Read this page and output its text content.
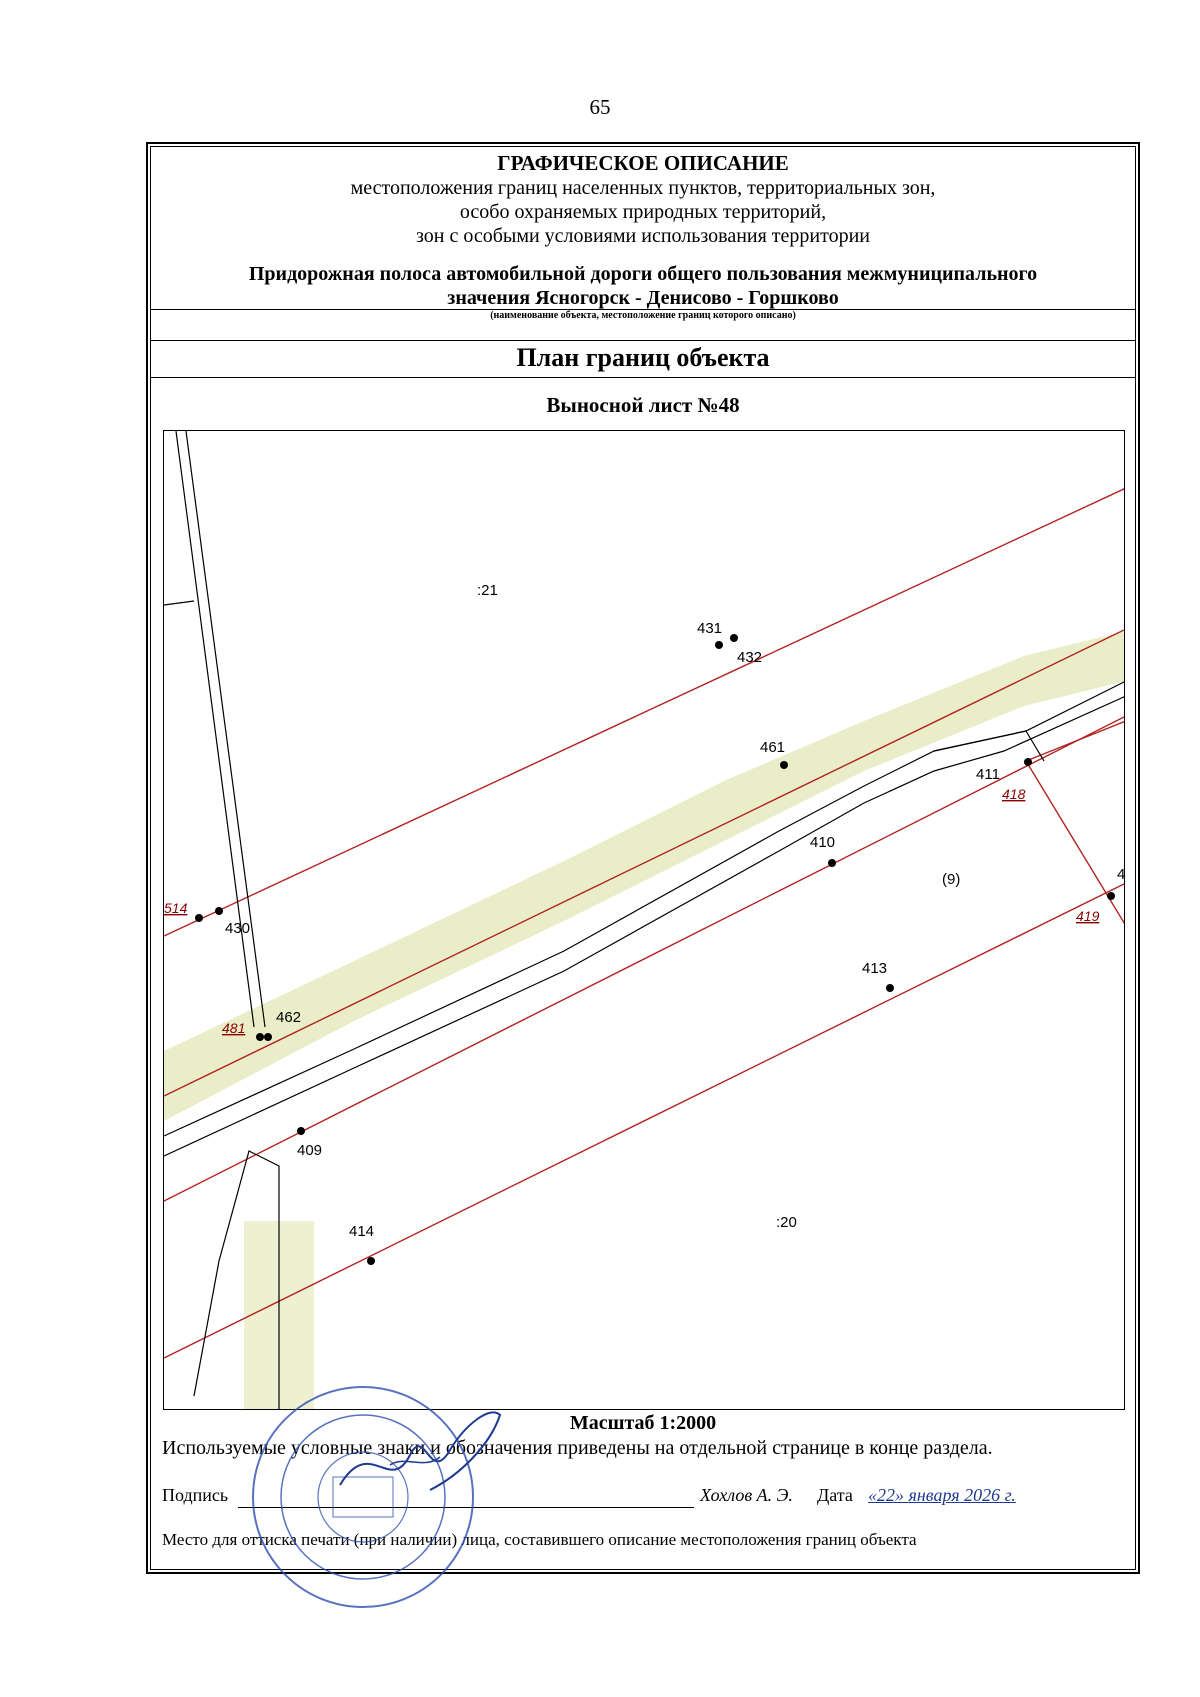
65
ГРАФИЧЕСКОЕ ОПИСАНИЕ
местоположения границ населенных пунктов, территориальных зон,
особо охраняемых природных территорий,
зон с особыми условиями использования территории
Придорожная полоса автомобильной дороги общего пользования межмуниципального
значения Ясногорск - Денисово - Горшково
(наименование объекта, местоположение границ которого описано)
План границ объекта
Выносной лист №48
:21
:20
(9)
431
432
461
411
418
410
4
419
514
430
413
462
481
409
414
Масштаб 1:2000
Используемые условные знаки и обозначения приведены на отдельной странице в конце раздела.
Подпись	Хохлов А. Э. Дата «22» января 2026 г.
Место для оттиска печати (при наличии) лица, составившего описание местоположения границ объекта
